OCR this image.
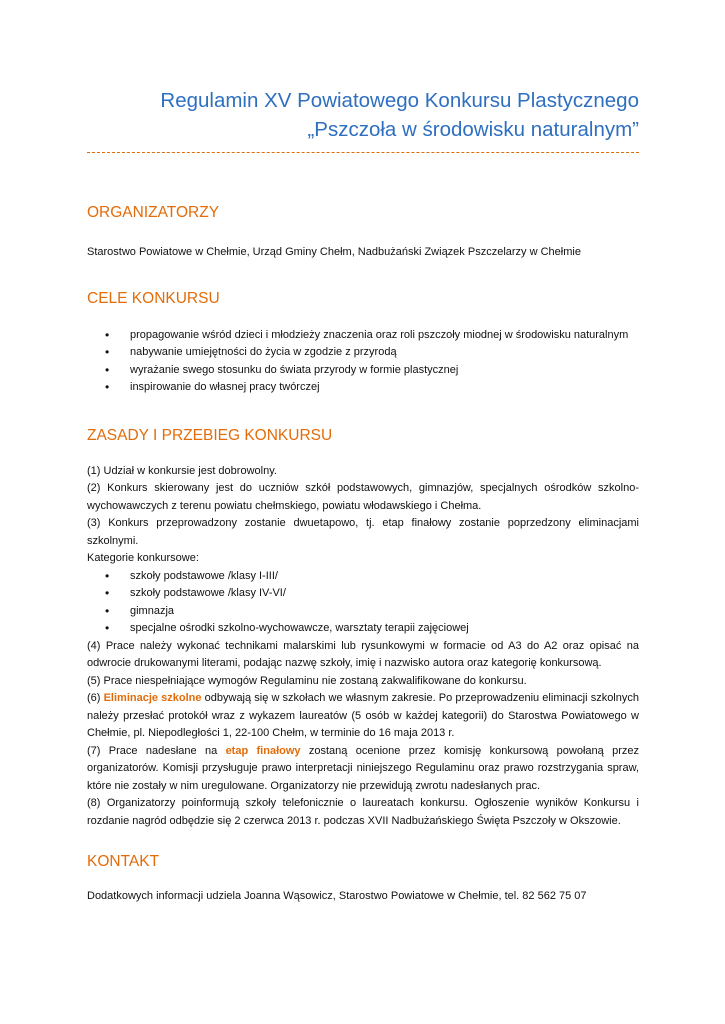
Regulamin XV Powiatowego Konkursu Plastycznego
„Pszczoła w środowisku naturalnym”
ORGANIZATORZY

Starostwo Powiatowe w Chełmie, Urząd Gminy Chełm, Nadbużański Związek Pszczelarzy w Chełmie

CELE KONKURSU
• propagowanie wśród dzieci i młodzieży znaczenia oraz roli pszczoły miodnej w środowisku naturalnym
• nabywanie umiejętności do życia w zgodzie z przyrodą
• wyrażanie swego stosunku do świata przyrody w formie plastycznej
• inspirowanie do własnej pracy twórczej
ZASADY I PRZEBIEG KONKURSU

(1) Udział w konkursie jest dobrowolny.

(2) Konkurs skierowany jest do uczniów szkół podstawowych, gimnazjów, specjalnych ośrodków szkolno-wychowawczych z terenu powiatu chełmskiego, powiatu włodawskiego i Chełma.

(3) Konkurs przeprowadzony zostanie dwuetapowo, tj. etap finałowy zostanie poprzedzony eliminacjami szkolnymi.

Kategorie konkursowe:

• szkoły podstawowe /klasy I-III/
• szkoły podstawowe /klasy IV-VI/
• gimnazja
• specjalne ośrodki szkolno-wychowawcze, warsztaty terapii zajęciowej

(4) Prace należy wykonać technikami malarskimi lub rysunkowymi w formacie od A3 do A2 oraz opisać na odwrocie drukowanymi literami, podając nazwę szkoły, imię i nazwisko autora oraz kategorię konkursową.

(5) Prace niespełniające wymogów Regulaminu nie zostaną zakwalifikowane do konkursu.

(6) Eliminacje szkolne odbywają się w szkołach we własnym zakresie. Po przeprowadzeniu eliminacji szkolnych należy przesłać protokół wraz z wykazem laureatów (5 osób w każdej kategorii) do Starostwa Powiatowego w Chełmie, pl. Niepodległości 1, 22-100 Chełm, w terminie do 16 maja 2013 r.

(7) Prace nadesłane na etap finałowy zostaną ocenione przez komisję konkursową powołaną przez organizatorów. Komisji przysługuje prawo interpretacji niniejszego Regulaminu oraz prawo rozstrzygania spraw, które nie zostały w nim uregulowane. Organizatorzy nie przewidują zwrotu nadesłanych prac.

(8) Organizatorzy poinformują szkoły telefonicznie o laureatach konkursu. Ogłoszenie wyników Konkursu i rozdanie nagród odbędzie się 2 czerwca 2013 r. podczas XVII Nadbużańskiego Święta Pszczoły w Okszowie.

KONTAKT

Dodatkowych informacji udziela Joanna Wąsowicz, Starostwo Powiatowe w Chełmie, tel. 82 562 75 07
